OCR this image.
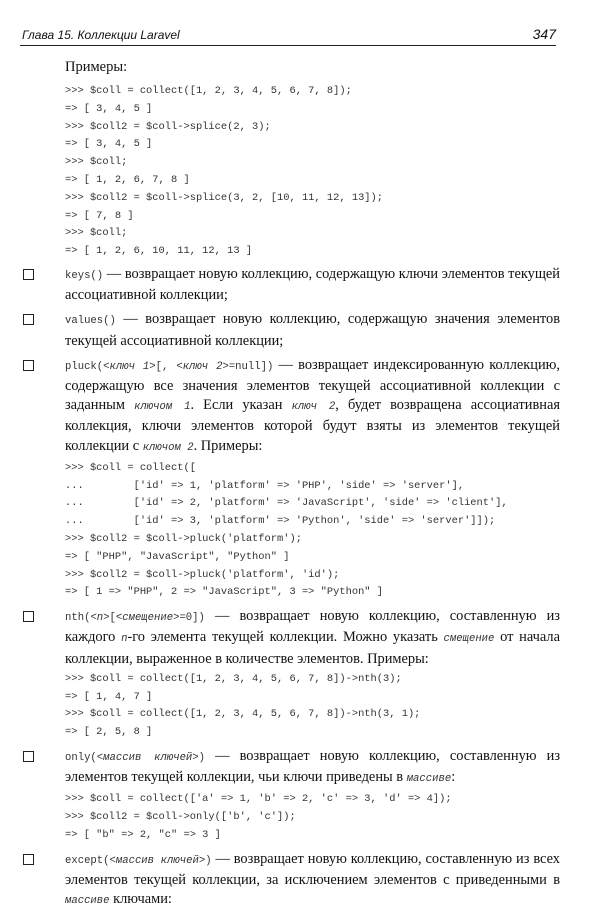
Глава 15. Коллекции Laravel	347
Примеры:
>>> $coll = collect([1, 2, 3, 4, 5, 6, 7, 8]);
=> [ 3, 4, 5 ]
>>> $coll2 = $coll->splice(2, 3);
=> [ 3, 4, 5 ]
>>> $coll;
=> [ 1, 2, 6, 7, 8 ]
>>> $coll2 = $coll->splice(3, 2, [10, 11, 12, 13]);
=> [ 7, 8 ]
>>> $coll;
=> [ 1, 2, 6, 10, 11, 12, 13 ]
keys() — возвращает новую коллекцию, содержащую ключи элементов текущей ассоциативной коллекции;
values() — возвращает новую коллекцию, содержащую значения элементов текущей ассоциативной коллекции;
pluck(<ключ 1>[, <ключ 2>=null]) — возвращает индексированную коллекцию, содержащую все значения элементов текущей ассоциативной коллекции с заданным ключом 1. Если указан ключ 2, будет возвращена ассоциативная коллекция, ключи элементов которой будут взяты из элементов текущей коллекции с ключом 2. Примеры:
>>> $coll = collect([
...        ['id' => 1, 'platform' => 'PHP', 'side' => 'server'],
...        ['id' => 2, 'platform' => 'JavaScript', 'side' => 'client'],
...        ['id' => 3, 'platform' => 'Python', 'side' => 'server']]);
>>> $coll2 = $coll->pluck('platform');
=> [ "PHP", "JavaScript", "Python" ]
>>> $coll2 = $coll->pluck('platform', 'id');
=> [ 1 => "PHP", 2 => "JavaScript", 3 => "Python" ]
nth(<n>[<смещение>=0]) — возвращает новую коллекцию, составленную из каждого n-го элемента текущей коллекции. Можно указать смещение от начала коллекции, выраженное в количестве элементов. Примеры:
>>> $coll = collect([1, 2, 3, 4, 5, 6, 7, 8])->nth(3);
=> [ 1, 4, 7 ]
>>> $coll = collect([1, 2, 3, 4, 5, 6, 7, 8])->nth(3, 1);
=> [ 2, 5, 8 ]
only(<массив ключей>) — возвращает новую коллекцию, составленную из элементов текущей коллекции, чьи ключи приведены в массиве:
>>> $coll = collect(['a' => 1, 'b' => 2, 'c' => 3, 'd' => 4]);
>>> $coll2 = $coll->only(['b', 'c']);
=> [ "b" => 2, "c" => 3 ]
except(<массив ключей>) — возвращает новую коллекцию, составленную из всех элементов текущей коллекции, за исключением элементов с приведенными в массиве ключами:
